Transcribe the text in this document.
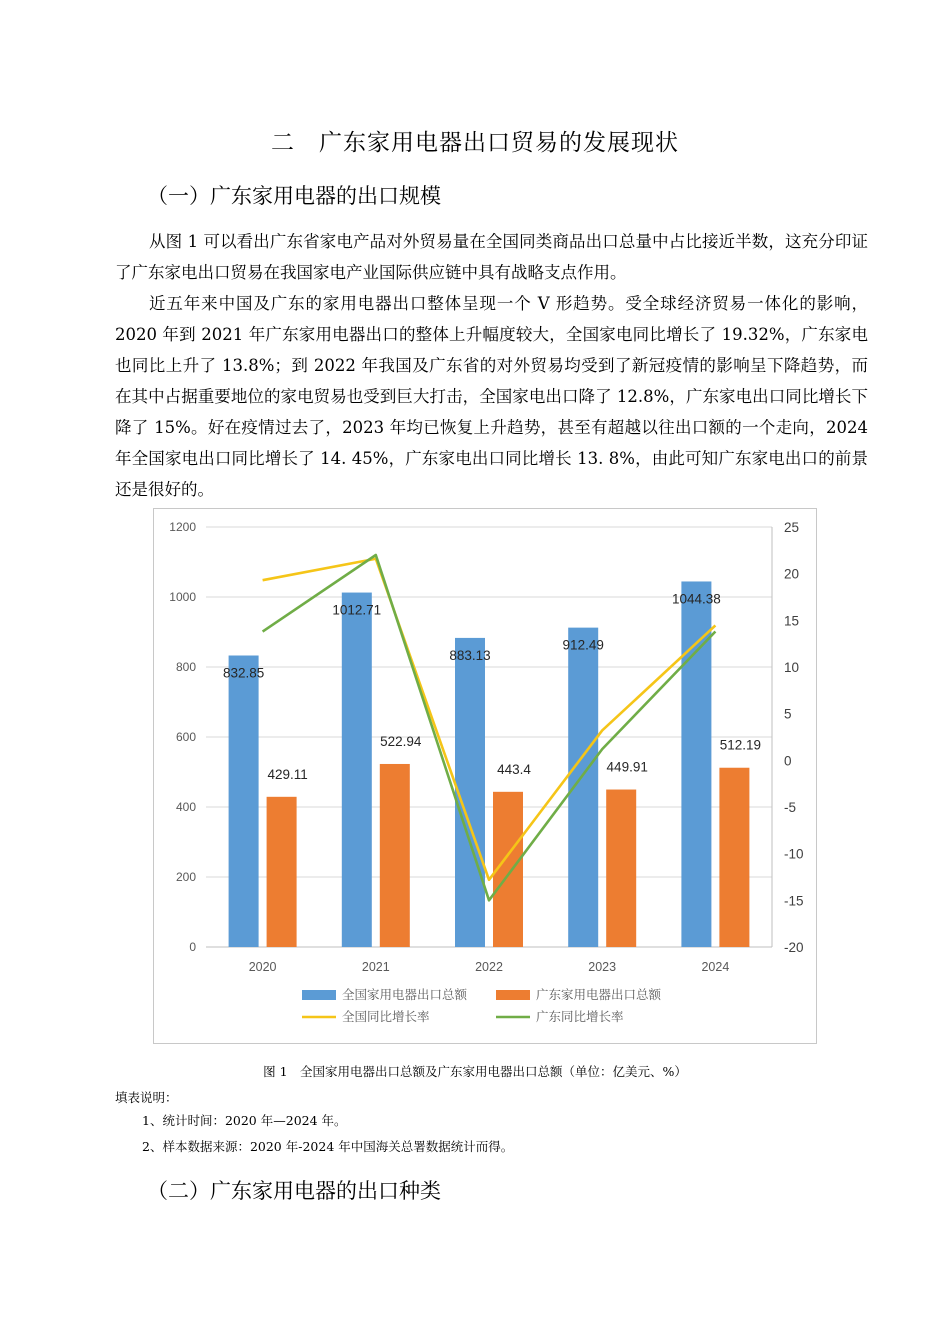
二　广东家用电器出口贸易的发展现状
（一）广东家用电器的出口规模

从图 1 可以看出广东省家电产品对外贸易量在全国同类商品出口总量中占比接近半数，这充分印证了广东家电出口贸易在我国家电产业国际供应链中具有战略支点作用。

近五年来中国及广东的家用电器出口整体呈现一个 V 形趋势。受全球经济贸易一体化的影响，2020 年到 2021 年广东家用电器出口的整体上升幅度较大，全国家电同比增长了 19.32%，广东家电也同比上升了 13.8%；到 2022 年我国及广东省的对外贸易均受到了新冠疫情的影响呈下降趋势，而在其中占据重要地位的家电贸易也受到巨大打击，全国家电出口降了 12.8%，广东家电出口同比增长下降了 15%。好在疫情过去了，2023 年均已恢复上升趋势，甚至有超越以往出口额的一个走向，2024 年全国家电出口同比增长了 14. 45%，广东家电出口同比增长 13. 8%，由此可知广东家电出口的前景还是很好的。

0
200
400
600
800
1000
1200
-20
-15
-10
-5
0
5
10
15
20
25
832.85
1012.71
883.13
912.49
1044.38
429.11
522.94
443.4	449.91
512.19
2020	2021	2022	2023	2024
全国家用电器出口总额	广东家用电器出口总额
全国同比增长率	广东同比增长率
图 1　全国家用电器出口总额及广东家用电器出口总额（单位：亿美元、%）
填表说明：
1、统计时间：2020 年—2024 年。
2、样本数据来源：2020 年-2024 年中国海关总署数据统计而得。
（二）广东家用电器的出口种类
